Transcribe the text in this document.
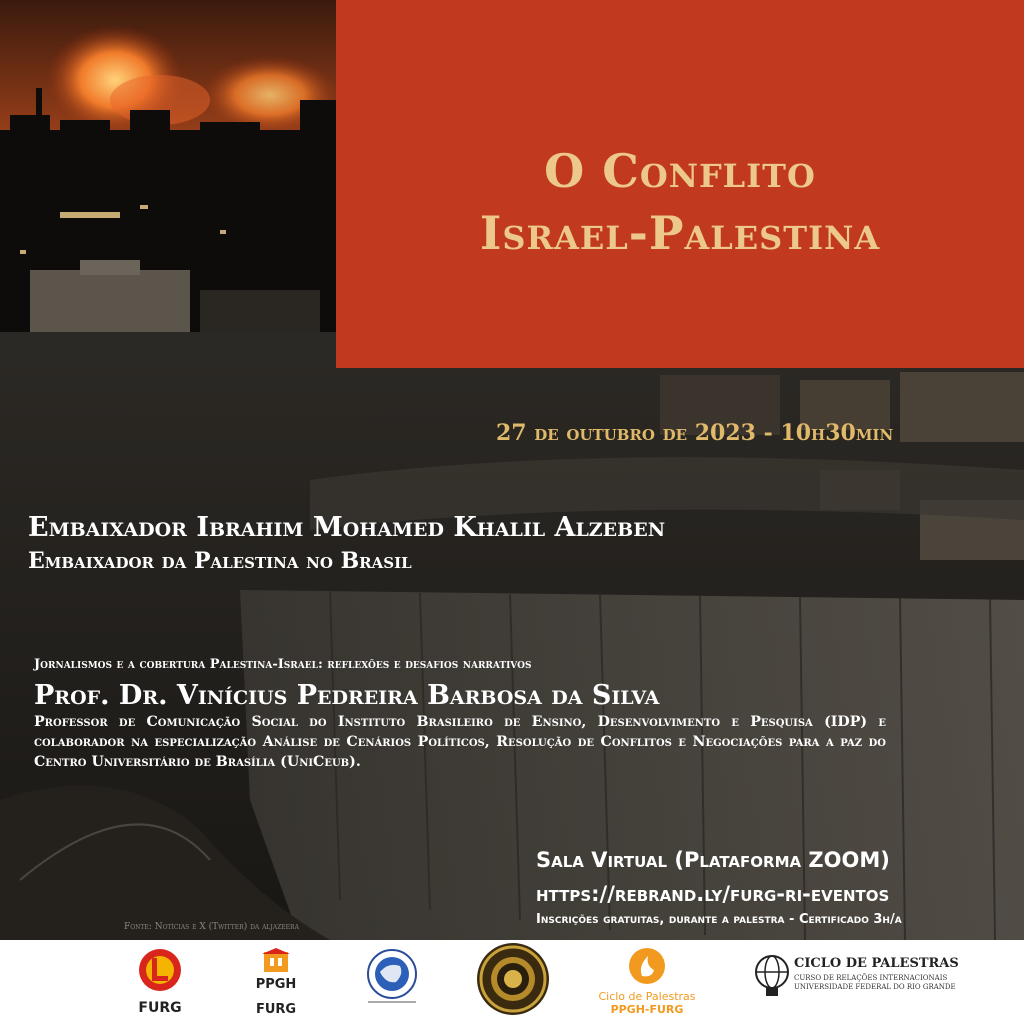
O Conflito
Israel-Palestina
27 de outubro de 2023 - 10h30min
Embaixador Ibrahim Mohamed Khalil Alzeben
Embaixador da Palestina no Brasil
Jornalismos e a cobertura Palestina-Israel: reflexões e desafios narrativos
Prof. Dr. Vinícius Pedreira Barbosa da Silva
Professor de Comunicação Social do Instituto Brasileiro de Ensino, Desenvolvimento e Pesquisa (IDP) e colaborador na especialização Análise de Cenários Políticos, Resolução de Conflitos e Negociações para a paz do Centro Universitário de Brasília (UniCeub).
Sala Virtual (Plataforma ZOOM)
https://rebrand.ly/furg-ri-eventos
Inscrições gratuitas, durante a palestra - Certificado 3h/a
Fonte: Notícias e X (Twitter) da aljazeera
FURG
PPGH
FURG
Ciclo de Palestras
PPGH-FURG
CICLO DE PALESTRAS
CURSO DE RELAÇÕES INTERNACIONAIS
UNIVERSIDADE FEDERAL DO RIO GRANDE
